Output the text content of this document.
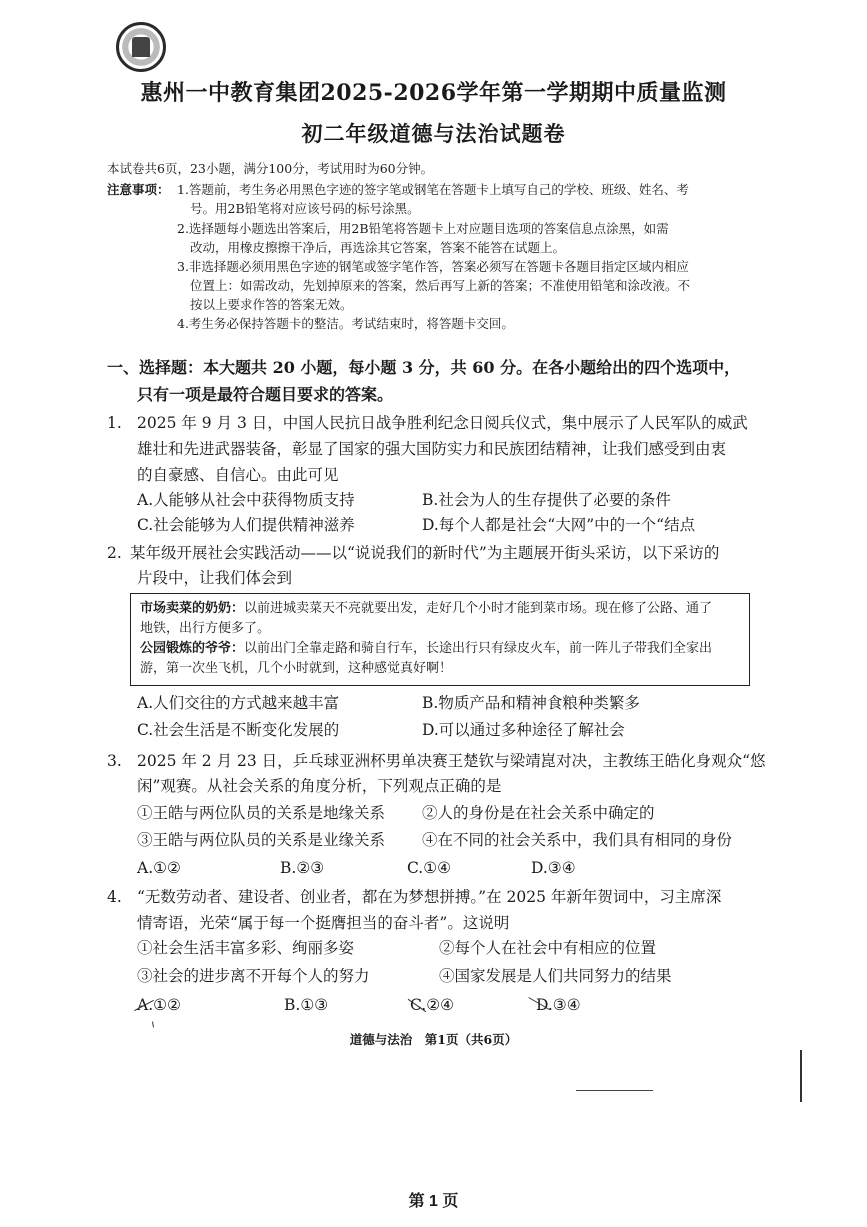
惠州一中教育集团2025-2026学年第一学期期中质量监测
初二年级道德与法治试题卷
本试卷共6页，23小题，满分100分，考试用时为60分钟。
注意事项： 1.答题前，考生务必用黑色字迹的签字笔或钢笔在答题卡上填写自己的学校、班级、姓名、考
号。用2B铅笔将对应该号码的标号涂黑。
2.选择题每小题选出答案后，用2B铅笔将答题卡上对应题目选项的答案信息点涂黑，如需
改动，用橡皮擦擦干净后，再选涂其它答案，答案不能答在试题上。
3.非选择题必须用黑色字迹的钢笔或签字笔作答，答案必须写在答题卡各题目指定区域内相应
位置上：如需改动，先划掉原来的答案，然后再写上新的答案；不准使用铅笔和涂改液。不
按以上要求作答的答案无效。
4.考生务必保持答题卡的整洁。考试结束时，将答题卡交回。
一、选择题：本大题共 20 小题，每小题 3 分，共 60 分。在各小题给出的四个选项中，
只有一项是最符合题目要求的答案。
1. 2025 年 9 月 3 日，中国人民抗日战争胜利纪念日阅兵仪式，集中展示了人民军队的威武
雄壮和先进武器装备，彰显了国家的强大国防实力和民族团结精神，让我们感受到由衷
的自豪感、自信心。由此可见
A.人能够从社会中获得物质支持	B.社会为人的生存提供了必要的条件
C.社会能够为人们提供精神滋养	D.每个人都是社会“大网”中的一个“结点
2. 某年级开展社会实践活动——以“说说我们的新时代”为主题展开街头采访，以下采访的
片段中，让我们体会到
市场卖菜的奶奶：以前进城卖菜天不亮就要出发，走好几个小时才能到菜市场。现在修了公路、通了
地铁，出行方便多了。
公园锻炼的爷爷：以前出门全靠走路和骑自行车，长途出行只有绿皮火车，前一阵儿子带我们全家出
游，第一次坐飞机，几个小时就到，这种感觉真好啊！
A.人们交往的方式越来越丰富	B.物质产品和精神食粮种类繁多
C.社会生活是不断变化发展的	D.可以通过多种途径了解社会
3. 2025 年 2 月 23 日，乒乓球亚洲杯男单决赛王楚钦与梁靖崑对决，主教练王皓化身观众“悠
闲”观赛。从社会关系的角度分析，下列观点正确的是
①王皓与两位队员的关系是地缘关系 ②人的身份是在社会关系中确定的
③王皓与两位队员的关系是业缘关系 ④在不同的社会关系中，我们具有相同的身份
A.①②	B.②③	C.①④	D.③④
4. “无数劳动者、建设者、创业者，都在为梦想拼搏。”在 2025 年新年贺词中，习主席深
情寄语，光荣“属于每一个挺膺担当的奋斗者”。这说明
①社会生活丰富多彩、绚丽多姿	②每个人在社会中有相应的位置
③社会的进步离不开每个人的努力	④国家发展是人们共同努力的结果
A.①②	B.①③	C.②④	D.③④
道德与法治　第1页（共6页）
第 1 页
